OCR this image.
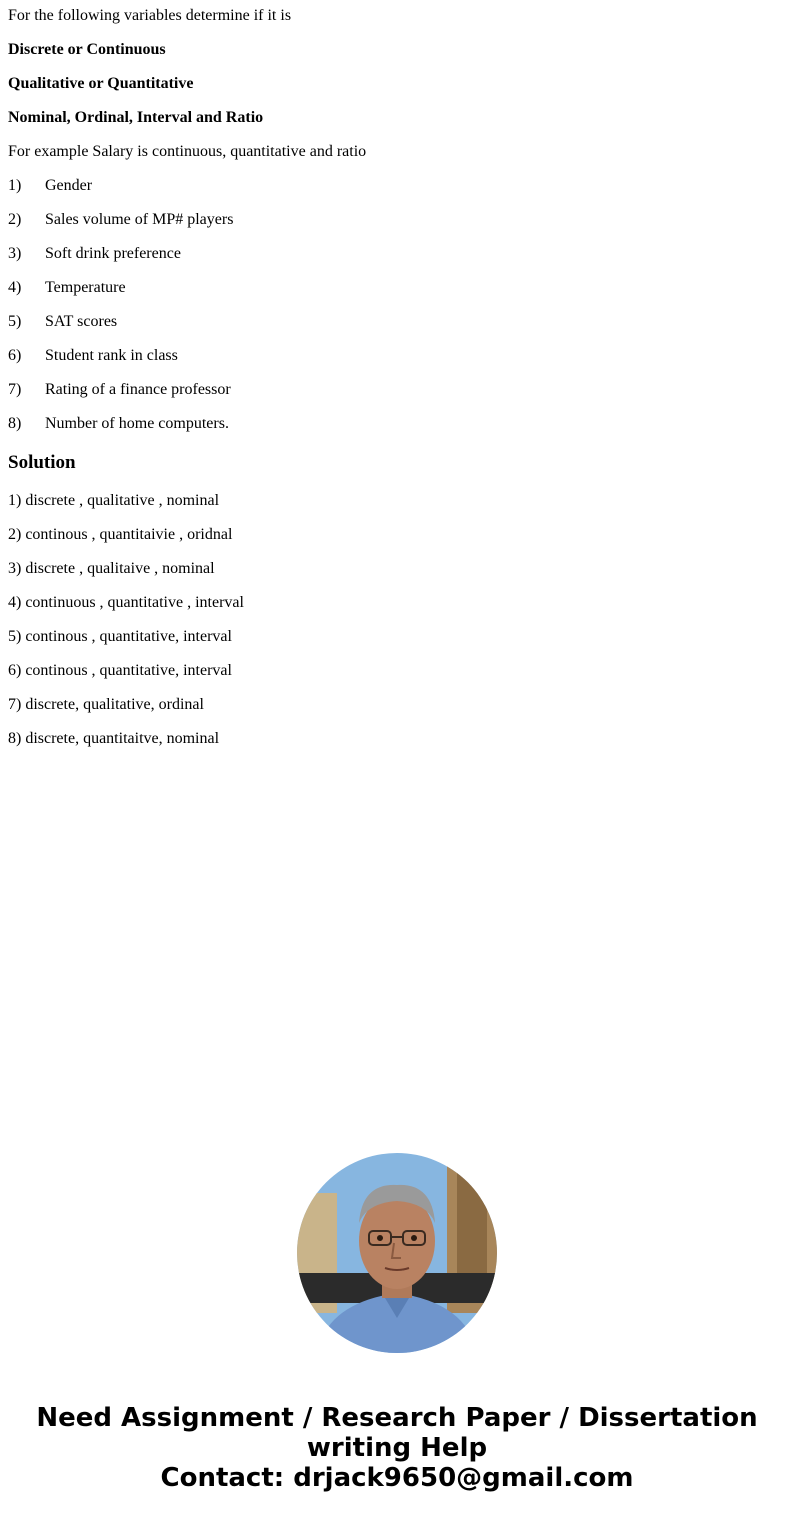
For the following variables determine if it is
Discrete or Continuous
Qualitative or Quantitative
Nominal, Ordinal, Interval and Ratio
For example Salary is continuous, quantitative and ratio
1) Gender
2) Sales volume of MP# players
3) Soft drink preference
4) Temperature
5) SAT scores
6) Student rank in class
7) Rating of a finance professor
8) Number of home computers.
Solution
1) discrete , qualitative , nominal
2) continous , quantitaivie , oridnal
3) discrete , qualitaive , nominal
4) continuous , quantitative , interval
5) continous , quantitative, interval
6) continous , quantitative, interval
7) discrete, qualitative, ordinal
8) discrete, quantitaitve, nominal
Need Assignment / Research Paper / Dissertation
writing Help
Contact: drjack9650@gmail.com
